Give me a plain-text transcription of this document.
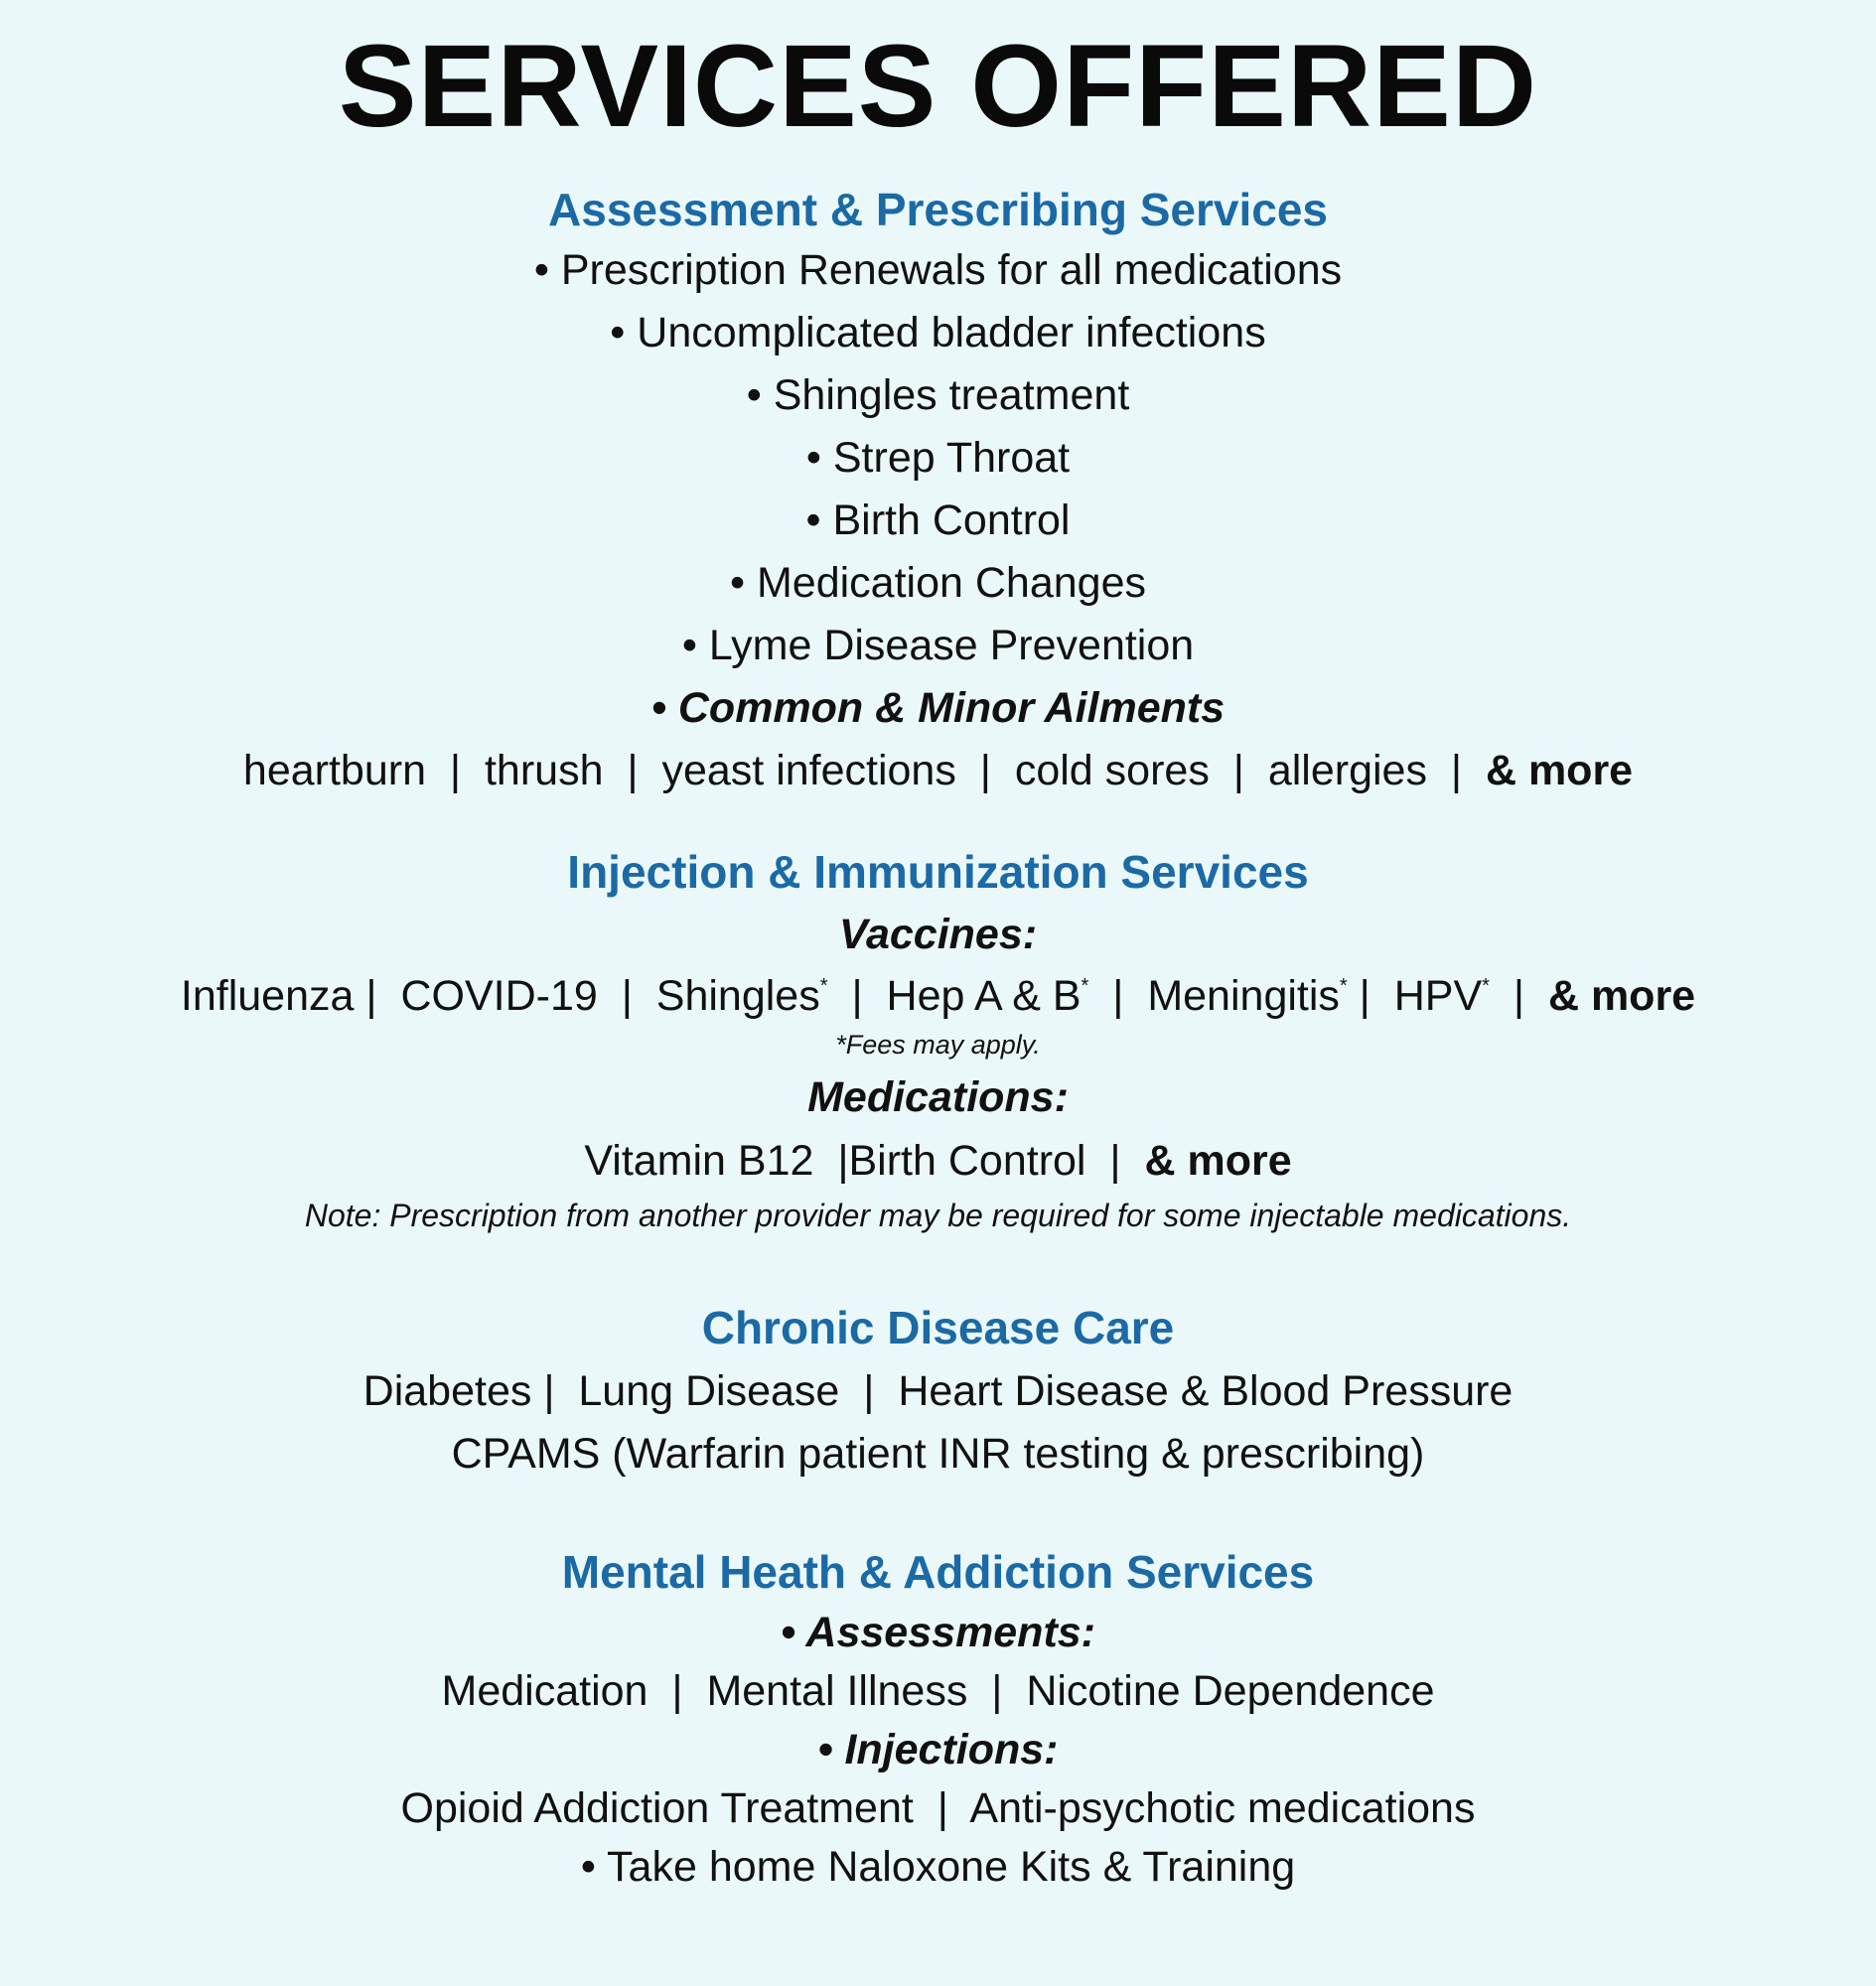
SERVICES OFFERED
Assessment & Prescribing Services
• Prescription Renewals for all medications
• Uncomplicated bladder infections
• Shingles treatment
• Strep Throat
• Birth Control
• Medication Changes
• Lyme Disease Prevention
• Common & Minor Ailments
heartburn | thrush | yeast infections | cold sores | allergies | & more
Injection & Immunization Services
Vaccines:
Influenza | COVID-19 | Shingles* | Hep A & B* | Meningitis* | HPV* | & more
*Fees may apply.
Medications:
Vitamin B12 |Birth Control | & more
Note: Prescription from another provider may be required for some injectable medications.
Chronic Disease Care
Diabetes | Lung Disease | Heart Disease & Blood Pressure
CPAMS (Warfarin patient INR testing & prescribing)
Mental Heath & Addiction Services
• Assessments:
Medication | Mental Illness | Nicotine Dependence
• Injections:
Opioid Addiction Treatment | Anti-psychotic medications
• Take home Naloxone Kits & Training
